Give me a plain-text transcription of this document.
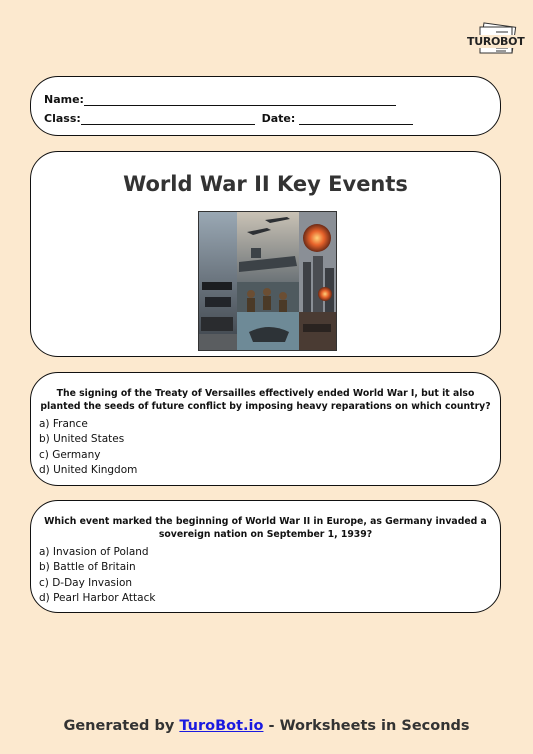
TUROBOT
Name:
Class:	Date:
World War II Key Events
The signing of the Treaty of Versailles effectively ended World War I, but it also planted the seeds of future conflict by imposing heavy reparations on which country?
a) France
b) United States
c) Germany
d) United Kingdom
Which event marked the beginning of World War II in Europe, as Germany invaded a sovereign nation on September 1, 1939?
a) Invasion of Poland
b) Battle of Britain
c) D-Day Invasion
d) Pearl Harbor Attack
Generated by TuroBot.io - Worksheets in Seconds
